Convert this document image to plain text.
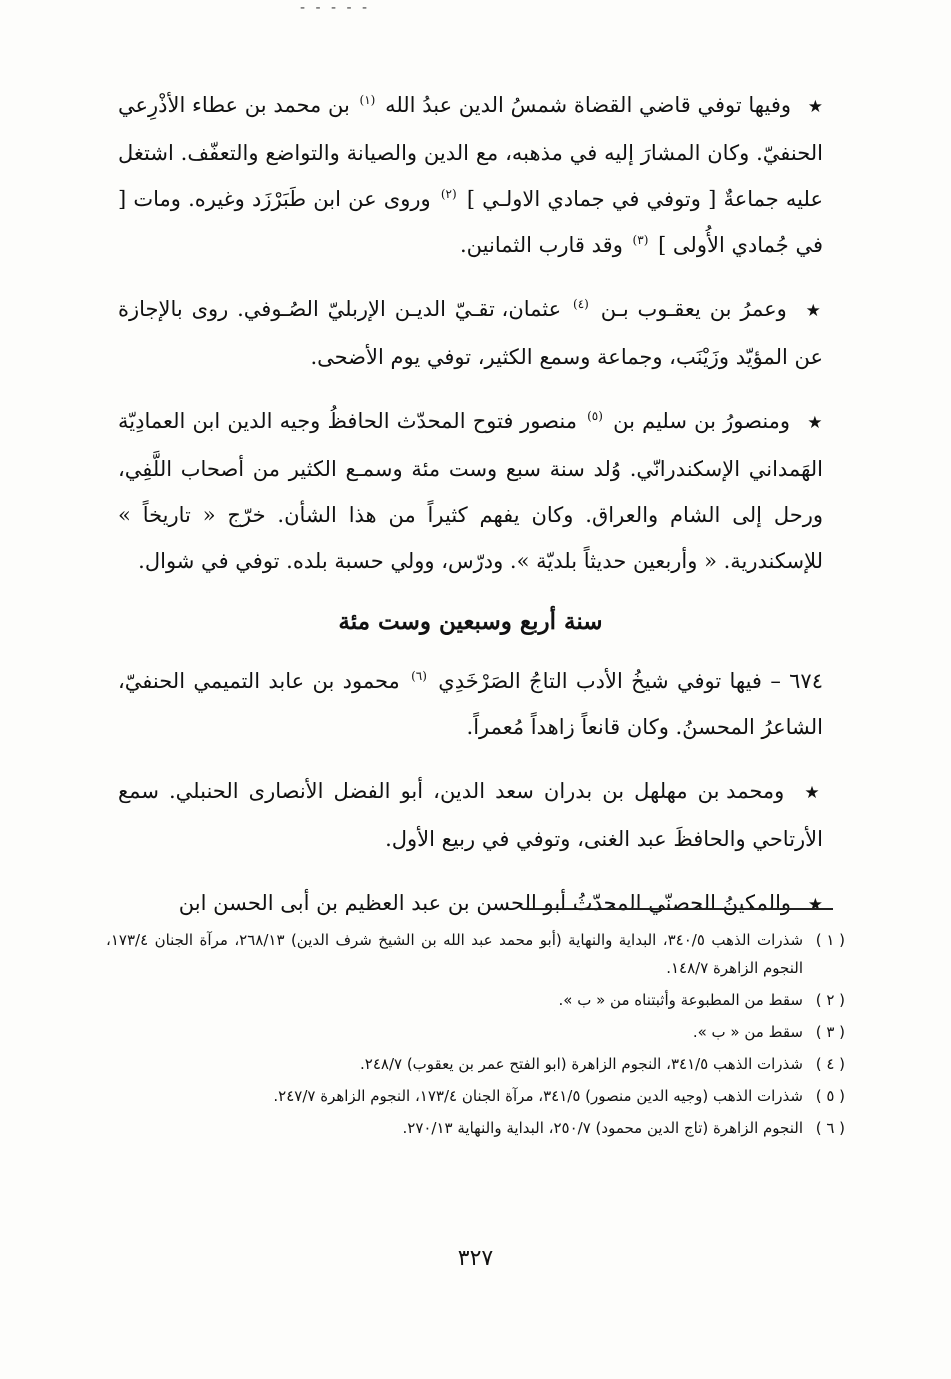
- - - - -

★ وفيها توفي قاضي القضاة شمسُ الدين عبدُ الله $^{(١)}$ بن محمد بن عطاء الأذْرِعي الحنفيّ. وكان المشارَ إليه في مذهبه، مع الدين والصيانة والتواضع والتعفّف. اشتغل عليه جماعةٌ [ وتوفي في جمادي الاولـي ] $^{(٢)}$ وروى عن ابن طَبَرْزَد وغيره. ومات [ في جُمادي الأُولى ] $^{(٣)}$ وقد قارب الثمانين.

★ وعمرُ بن يعقـوب بـن $^{(٤)}$ عثمان، تقـيّ الديـن الإربليّ الصُـوفي. روى بالإجازة عن المؤيّد وزَيْنَب، وجماعة وسمع الكثير، توفي يوم الأضحى.

★ ومنصورُ بن سليم بن $^{(٥)}$ منصور فتوح المحدّث الحافظُ وجيه الدين ابن العمادِيّة الهَمداني الإسكندرانّي. وُلد سنة سبع وست مئة وسمـع الكثير من أصحاب اللَّفِي، ورحل إلى الشام والعراق. وكان يفهم كثيراً من هذا الشأن. خرّج « تاريخاً » للإسكندرية. « وأربعين حديثاً بلديّة ». ودرّس، وولي حسبة بلده. توفي في شوال.

سنة أربع وسبعين وست مئة

٦٧٤ – فيها توفي شيخُ الأدب التاجُ الصَرْخَدِي $^{(٦)}$ محمود بن عابد التميمي الحنفيّ، الشاعرُ المحسنُ. وكان قانعاً زاهداً مُعمراً.

★ ومحمد بن مهلهل بن بدران سعد الدين، أبو الفضل الأنصارى الحنبلي. سمع الأرتاحي والحافظَ عبد الغنى، وتوفي في ربيع الأول.

★ والمكينُ الحصنّي المحدّثُ أبو الحسن بن عبد العظيم بن أبى الحسن ابن

( ١ )
شذرات الذهب ٣٤٠/٥، البداية والنهاية (أبو محمد عبد الله بن الشيخ شرف الدين) ٢٦٨/١٣، مرآة الجنان ١٧٣/٤، النجوم الزاهرة ١٤٨/٧.
( ٢ )
سقط من المطبوعة وأثبتناه من « ب ».
( ٣ )
سقط من « ب ».
( ٤ )
شذرات الذهب ٣٤١/٥، النجوم الزاهرة (ابو الفتح عمر بن يعقوب) ٢٤٨/٧.
( ٥ )
شذرات الذهب (وجيه الدين منصور) ٣٤١/٥، مرآة الجنان ١٧٣/٤، النجوم الزاهرة ٢٤٧/٧.
( ٦ )
النجوم الزاهرة (تاج الدين محمود) ٢٥٠/٧، البداية والنهاية ٢٧٠/١٣.
٣٢٧
